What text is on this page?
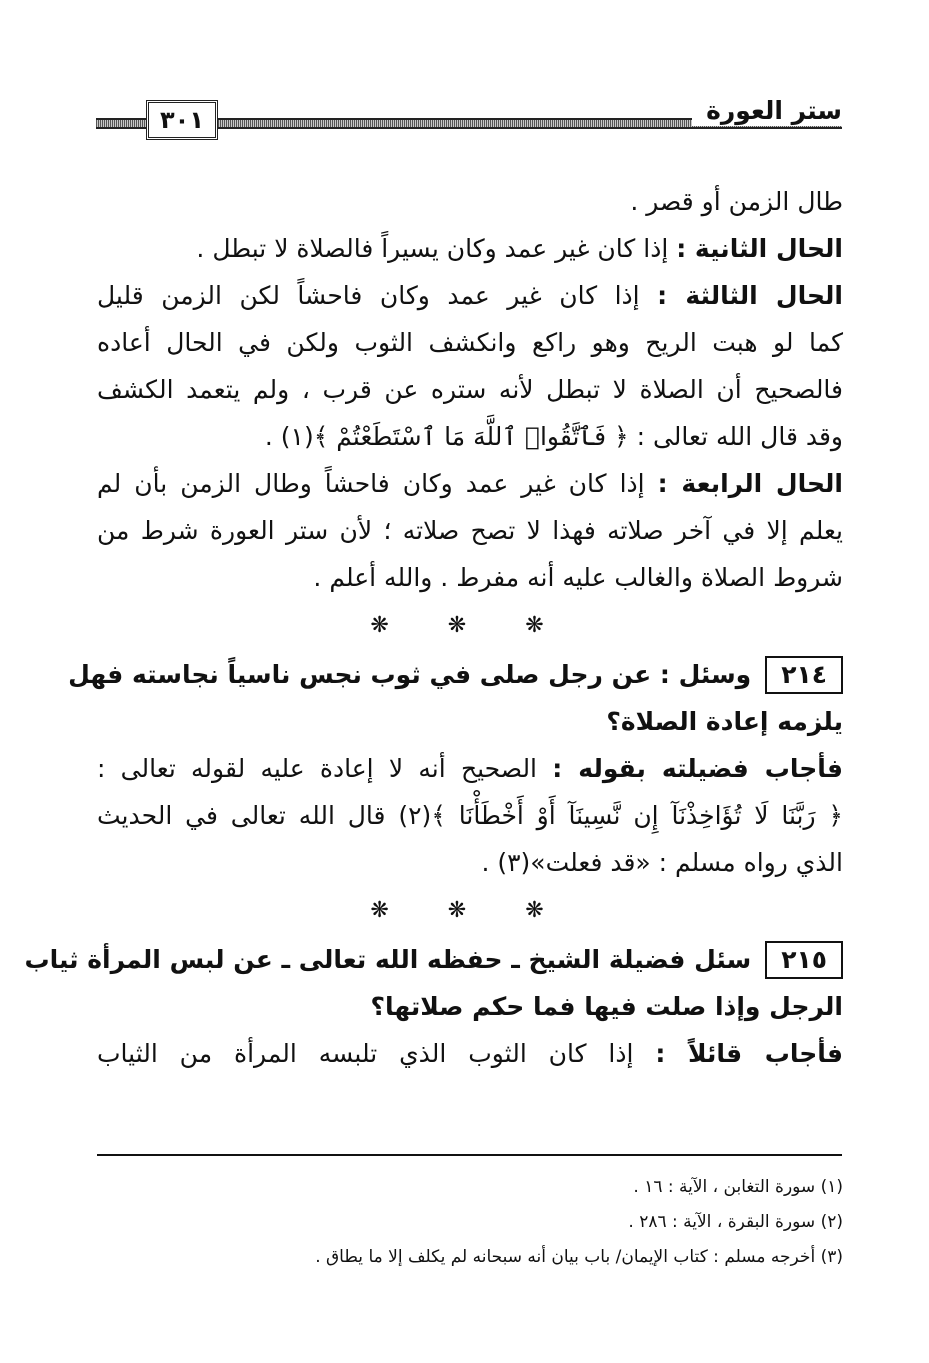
٣٠١	ستر العورة
طال الزمن أو قصر .
الحال الثانية : إذا كان غير عمد وكان يسيراً فالصلاة لا تبطل .
الحال الثالثة : إذا كان غير عمد وكان فاحشاً لكن الزمن قليل
كما لو هبت الريح وهو راكع وانكشف الثوب ولكن في الحال أعاده
فالصحيح أن الصلاة لا تبطل لأنه ستره عن قرب ، ولم يتعمد الكشف
وقد قال الله تعالى : ﴿ فَٱتَّقُوا۟ ٱللَّهَ مَا ٱسْتَطَعْتُمْ ﴾(١) .
الحال الرابعة : إذا كان غير عمد وكان فاحشاً وطال الزمن بأن لم
يعلم إلا في آخر صلاته فهذا لا تصح صلاته ؛ لأن ستر العورة شرط من
شروط الصلاة والغالب عليه أنه مفرط . والله أعلم .
❋ ❋ ❋
٢١٤وسئل : عن رجل صلى في ثوب نجس ناسياً نجاسته فهل
يلزمه إعادة الصلاة؟
فأجاب فضيلته بقوله : الصحيح أنه لا إعادة عليه لقوله تعالى :
﴿ رَبَّنَا لَا تُؤَاخِذْنَآ إِن نَّسِينَآ أَوْ أَخْطَأْنَا ﴾(٢) قال الله تعالى في الحديث
الذي رواه مسلم : «قد فعلت»(٣) .
❋ ❋ ❋
٢١٥سئل فضيلة الشيخ ـ حفظه الله تعالى ـ عن لبس المرأة ثياب
الرجل وإذا صلت فيها فما حكم صلاتها؟
فأجاب قائلاً : إذا كان الثوب الذي تلبسه المرأة من الثياب
(١) سورة التغابن ، الآية : ١٦ .
(٢) سورة البقرة ، الآية : ٢٨٦ .
(٣) أخرجه مسلم : كتاب الإيمان/ باب بيان أنه سبحانه لم يكلف إلا ما يطاق .
